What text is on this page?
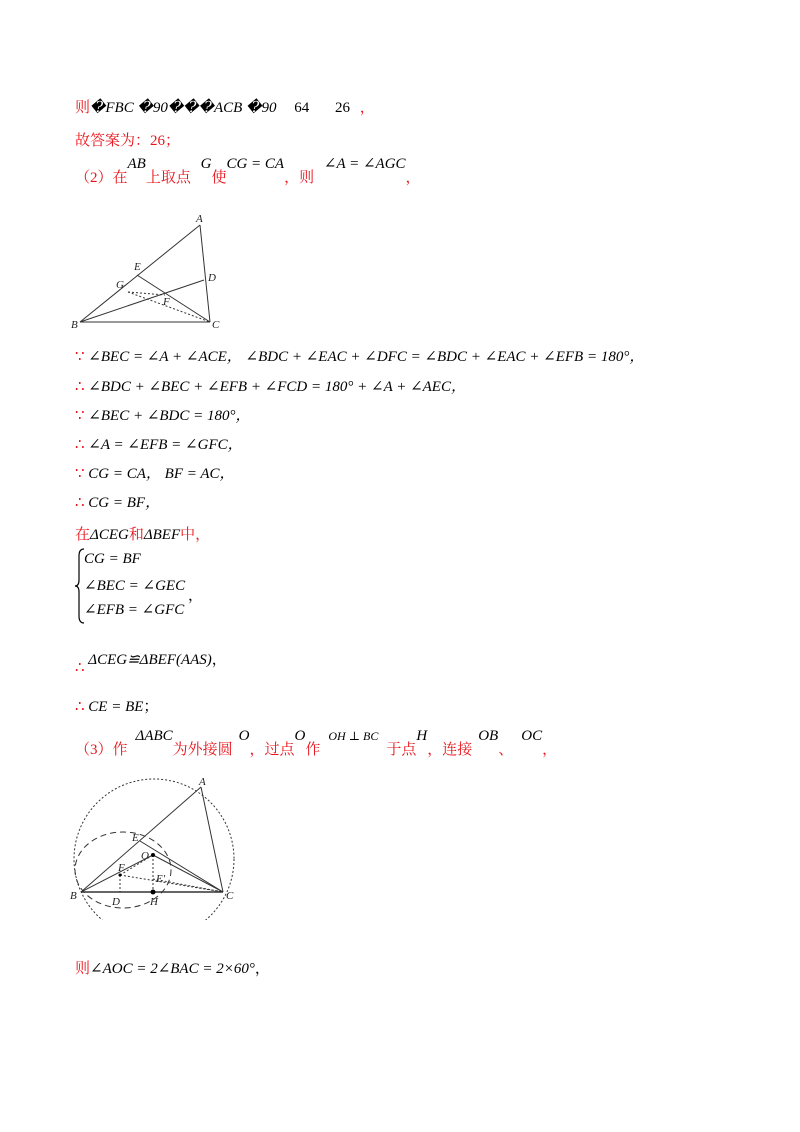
则�FBC �90���ACB �90 64 26 ，
故答案为：26；
（2）在AB上取点 G使CG = CA，则 ∠A = ∠AGC，
A
B	C
D
E
F
G
∵ ∠BEC = ∠A + ∠ACE， ∠BDC + ∠EAC + ∠DFC = ∠BDC + ∠EAC + ∠EFB = 180°，
∴ ∠BDC + ∠BEC + ∠EFB + ∠FCD = 180° + ∠A + ∠AEC，
∵ ∠BEC + ∠BDC = 180°，
∴ ∠A = ∠EFB = ∠GFC，
∵ CG = CA， BF = AC，
∴ CG = BF，
在ΔCEG和ΔBEF中，
CG = BF
∠BEC = ∠GEC
，
∠EFB = ∠GFC
∴ ΔCEG≌ΔBEF(AAS)，
∴ CE = BE；
（3）作ΔABC为外接圆O，过点O作$^{OH \perp BC}$于点H，连接OB、OC，
A
B	C
D
E
E'
F
H
O
则∠AOC = 2∠BAC = 2×60°，
